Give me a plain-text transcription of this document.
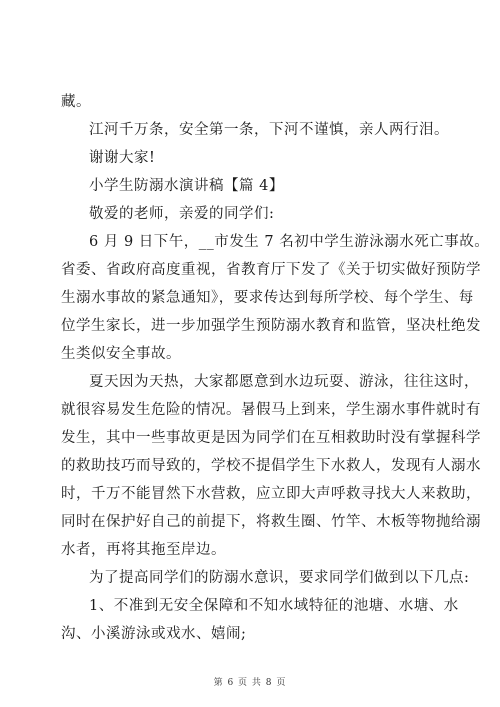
藏。
江河千万条，安全第一条，下河不谨慎，亲人两行泪。
谢谢大家!
小学生防溺水演讲稿【篇 4】
敬爱的老师，亲爱的同学们:
6 月 9 日下午，__市发生 7 名初中学生游泳溺水死亡事故。
省委、省政府高度重视，省教育厅下发了《关于切实做好预防学
生溺水事故的紧急通知》，要求传达到每所学校、每个学生、每
位学生家长，进一步加强学生预防溺水教育和监管，坚决杜绝发
生类似安全事故。
夏天因为天热，大家都愿意到水边玩耍、游泳，往往这时，
就很容易发生危险的情况。暑假马上到来，学生溺水事件就时有
发生，其中一些事故更是因为同学们在互相救助时没有掌握科学
的救助技巧而导致的，学校不提倡学生下水救人，发现有人溺水
时，千万不能冒然下水营救，应立即大声呼救寻找大人来救助，
同时在保护好自己的前提下，将救生圈、竹竿、木板等物抛给溺
水者，再将其拖至岸边。
为了提高同学们的防溺水意识，要求同学们做到以下几点:
1、不准到无安全保障和不知水域特征的池塘、水塘、水
沟、小溪游泳或戏水、嬉闹;
第 6 页 共 8 页
